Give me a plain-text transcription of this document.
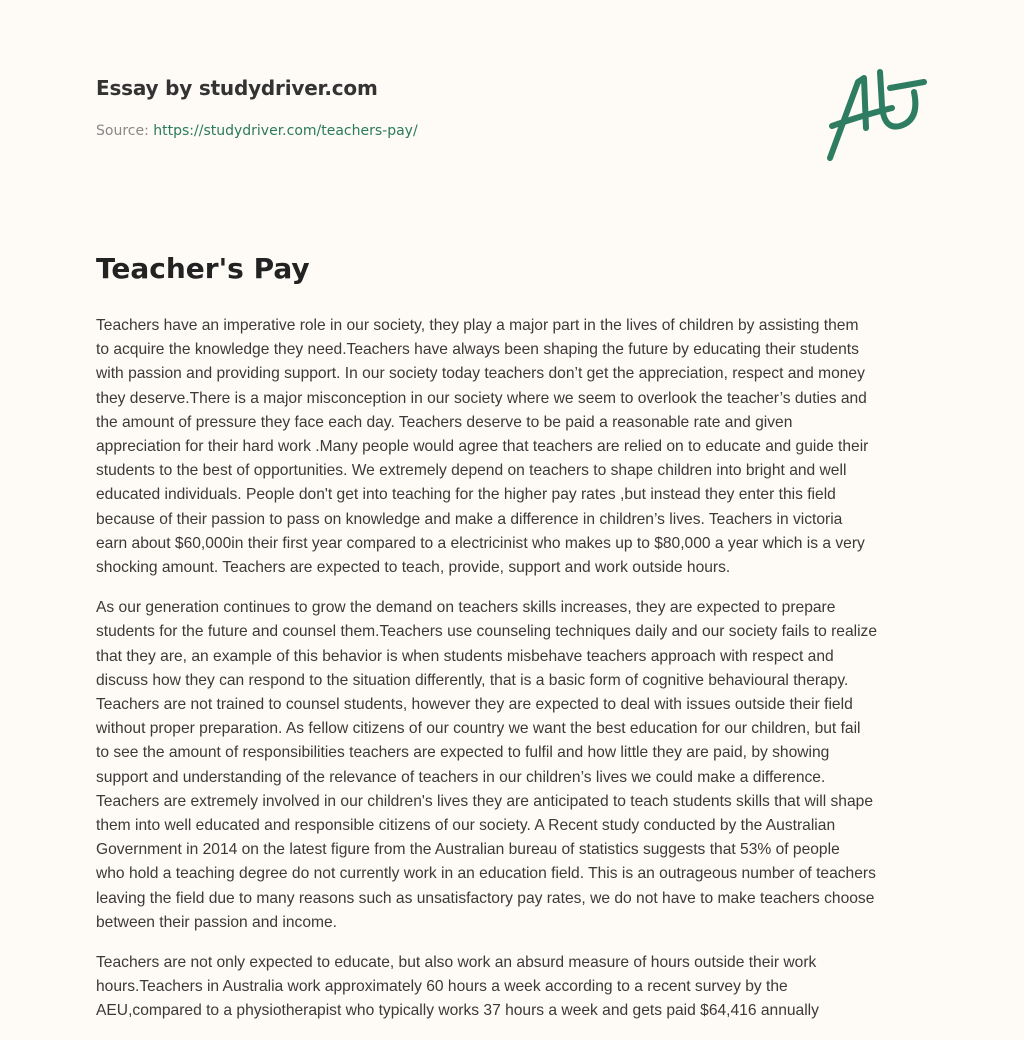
Essay by studydriver.com
Source: https://studydriver.com/teachers-pay/
Teacher's Pay

Teachers have an imperative role in our society, they play a major part in the lives of children by assisting them
to acquire the knowledge they need.Teachers have always been shaping the future by educating their students
with passion and providing support. In our society today teachers don’t get the appreciation, respect and money
they deserve.There is a major misconception in our society where we seem to overlook the teacher’s duties and
the amount of pressure they face each day. Teachers deserve to be paid a reasonable rate and given
appreciation for their hard work .Many people would agree that teachers are relied on to educate and guide their
students to the best of opportunities. We extremely depend on teachers to shape children into bright and well
educated individuals. People don't get into teaching for the higher pay rates ,but instead they enter this field
because of their passion to pass on knowledge and make a difference in children’s lives. Teachers in victoria
earn about $60,000in their first year compared to a electricinist who makes up to $80,000 a year which is a very
shocking amount. Teachers are expected to teach, provide, support and work outside hours.

As our generation continues to grow the demand on teachers skills increases, they are expected to prepare
students for the future and counsel them.Teachers use counseling techniques daily and our society fails to realize
that they are, an example of this behavior is when students misbehave teachers approach with respect and
discuss how they can respond to the situation differently, that is a basic form of cognitive behavioural therapy.
Teachers are not trained to counsel students, however they are expected to deal with issues outside their field
without proper preparation. As fellow citizens of our country we want the best education for our children, but fail
to see the amount of responsibilities teachers are expected to fulfil and how little they are paid, by showing
support and understanding of the relevance of teachers in our children’s lives we could make a difference.
Teachers are extremely involved in our children's lives they are anticipated to teach students skills that will shape
them into well educated and responsible citizens of our society. A Recent study conducted by the Australian
Government in 2014 on the latest figure from the Australian bureau of statistics suggests that 53% of people
who hold a teaching degree do not currently work in an education field. This is an outrageous number of teachers
leaving the field due to many reasons such as unsatisfactory pay rates, we do not have to make teachers choose
between their passion and income.

Teachers are not only expected to educate, but also work an absurd measure of hours outside their work
hours.Teachers in Australia work approximately 60 hours a week according to a recent survey by the
AEU,compared to a physiotherapist who typically works 37 hours a week and gets paid $64,416 annually
